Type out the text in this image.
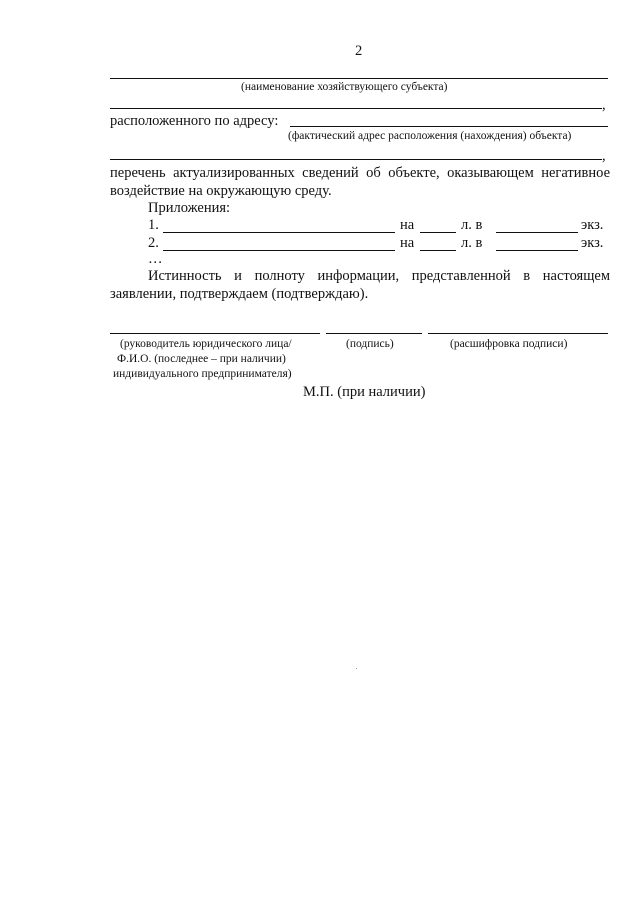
2
(наименование хозяйствующего субъекта)
,
расположенного по адресу:
(фактический адрес расположения (нахождения) объекта)
,
перечень актуализированных сведений об объекте, оказывающем негативное
воздействие на окружающую среду.
Приложения:
1.	на	л. в	экз.
2.	на	л. в	экз.
…
Истинность и полноту информации, представленной в настоящем
заявлении, подтверждаем (подтверждаю).
(руководитель юридического лица/	(подпись)	(расшифровка подписи)
Ф.И.О. (последнее – при наличии)
индивидуального предпринимателя)
М.П. (при наличии)
